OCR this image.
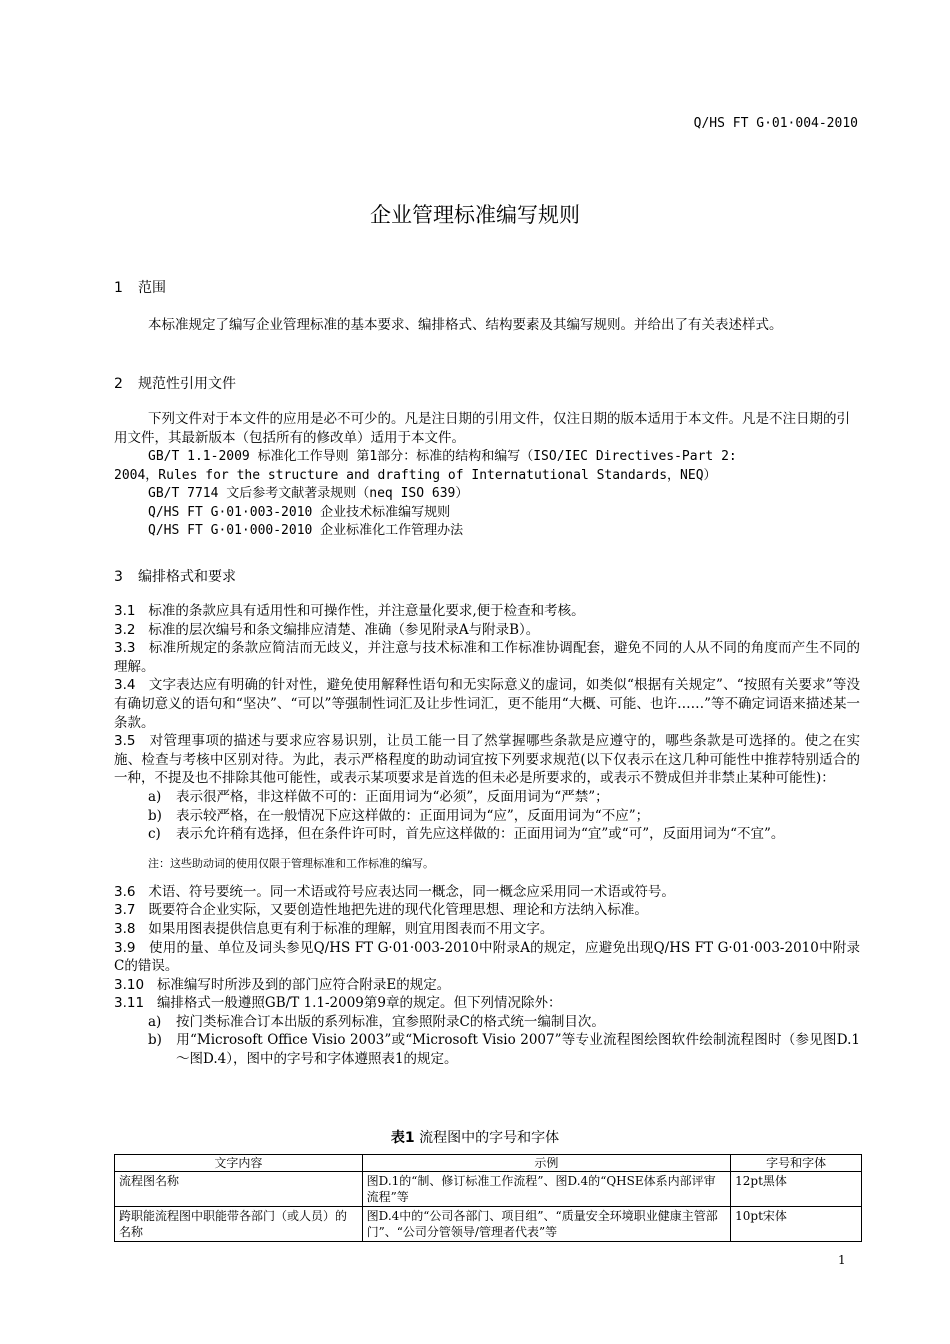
Q/HS FT G·01·004-2010
企业管理标准编写规则
1 范围

本标准规定了编写企业管理标准的基本要求、编排格式、结构要素及其编写规则。并给出了有关表述样式。

2 规范性引用文件

下列文件对于本文件的应用是必不可少的。凡是注日期的引用文件，仅注日期的版本适用于本文件。凡是不注日期的引用文件，其最新版本（包括所有的修改单）适用于本文件。

GB/T 1.1-2009 标准化工作导则 第1部分：标准的结构和编写（ISO/IEC Directives-Part 2:
2004，Rules for the structure and drafting of Internatutional Standards，NEQ）
GB/T 7714 文后参考文献著录规则（neq ISO 639）
Q/HS FT G·01·003-2010 企业技术标准编写规则
Q/HS FT G·01·000-2010 企业标准化工作管理办法
3 编排格式和要求

3.1 标准的条款应具有适用性和可操作性，并注意量化要求,便于检查和考核。

3.2 标准的层次编号和条文编排应清楚、准确（参见附录A与附录B）。

3.3 标准所规定的条款应简洁而无歧义，并注意与技术标准和工作标准协调配套，避免不同的人从不同的角度而产生不同的理解。

3.4 文字表达应有明确的针对性，避免使用解释性语句和无实际意义的虚词，如类似“根据有关规定”、“按照有关要求”等没有确切意义的语句和“坚决”、“可以”等强制性词汇及让步性词汇，更不能用“大概、可能、也许……”等不确定词语来描述某一条款。

3.5 对管理事项的描述与要求应容易识别，让员工能一目了然掌握哪些条款是应遵守的，哪些条款是可选择的。使之在实施、检查与考核中区别对待。为此，表示严格程度的助动词宜按下列要求规范(以下仅表示在这几种可能性中推荐特别适合的一种，不提及也不排除其他可能性，或表示某项要求是首选的但未必是所要求的，或表示不赞成但并非禁止某种可能性)：

a) 表示很严格，非这样做不可的：正面用词为“必须”，反面用词为“严禁”；

b) 表示较严格，在一般情况下应这样做的：正面用词为“应”，反面用词为“不应”；

c) 表示允许稍有选择，但在条件许可时，首先应这样做的：正面用词为“宜”或“可”，反面用词为“不宜”。

注：这些助动词的使用仅限于管理标准和工作标准的编写。

3.6 术语、符号要统一。同一术语或符号应表达同一概念，同一概念应采用同一术语或符号。

3.7 既要符合企业实际，又要创造性地把先进的现代化管理思想、理论和方法纳入标准。

3.8 如果用图表提供信息更有利于标准的理解，则宜用图表而不用文字。

3.9 使用的量、单位及词头参见Q/HS FT G·01·003-2010中附录A的规定，应避免出现Q/HS FT G·01·003-2010中附录C的错误。

3.10 标准编写时所涉及到的部门应符合附录E的规定。

3.11 编排格式一般遵照GB/T 1.1-2009第9章的规定。但下列情况除外：

a) 按门类标准合订本出版的系列标准，宜参照附录C的格式统一编制目次。

b) 用“Microsoft Office Visio 2003”或“Microsoft Visio 2007”等专业流程图绘图软件绘制流程图时（参见图D.1～图D.4），图中的字号和字体遵照表1的规定。

表1 流程图中的字号和字体
文字内容	示例	字号和字体
流程图名称	图D.1的“制、修订标准工作流程”、图D.4的“QHSE体系内部评审流程”等	12pt黑体
跨职能流程图中职能带各部门（或人员）的名称	图D.4中的“公司各部门、项目组”、“质量安全环境职业健康主管部门”、“公司分管领导/管理者代表”等	10pt宋体
1
